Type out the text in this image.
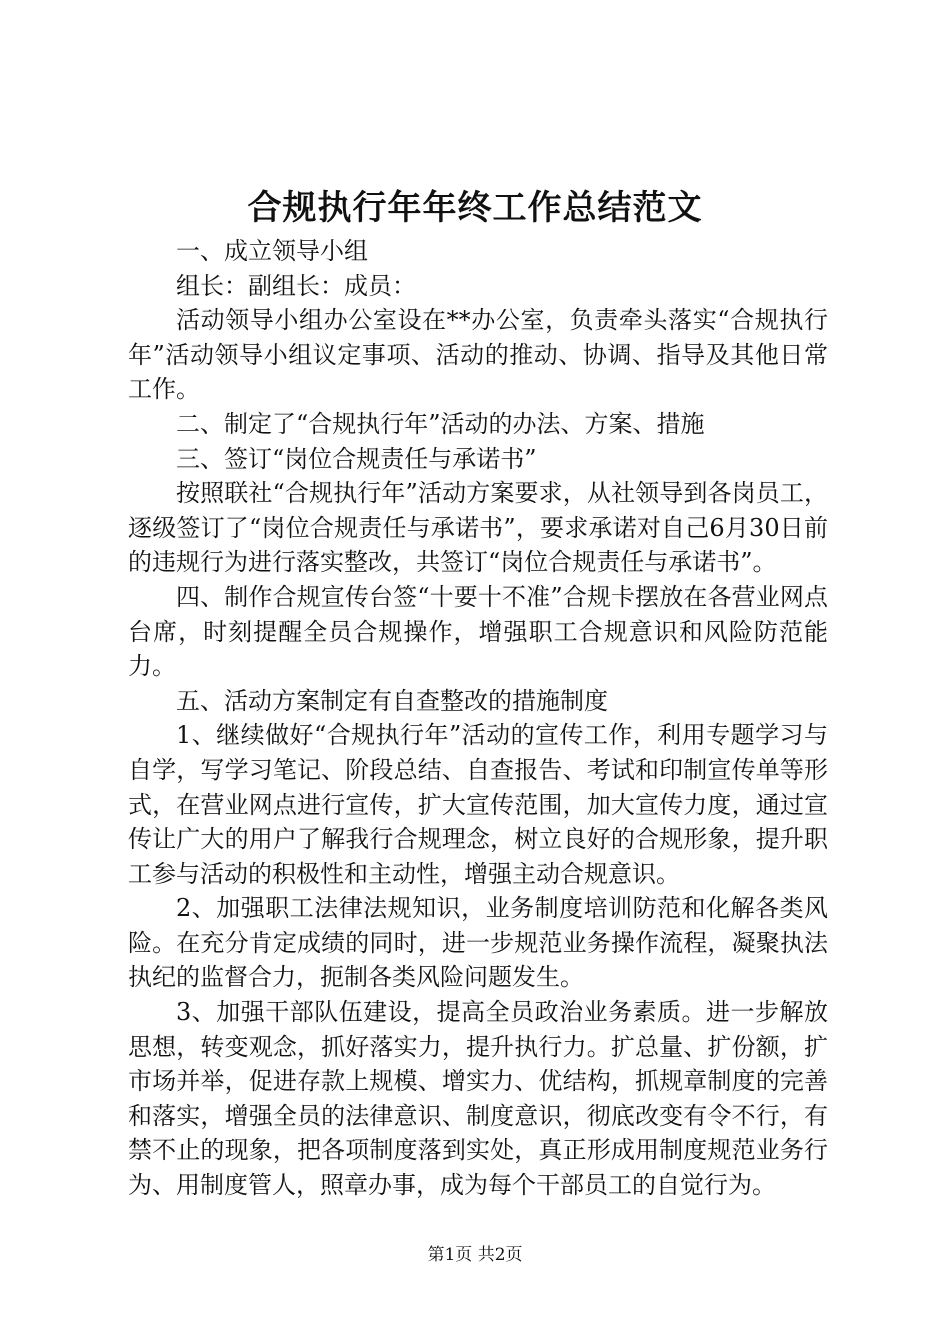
合规执行年年终工作总结范文

一、成立领导小组

组长：副组长：成员：

活动领导小组办公室设在**办公室，负责牵头落实“合规执行年”活动领导小组议定事项、活动的推动、协调、指导及其他日常工作。

二、制定了“合规执行年”活动的办法、方案、措施

三、签订“岗位合规责任与承诺书”

按照联社“合规执行年”活动方案要求，从社领导到各岗员工，逐级签订了“岗位合规责任与承诺书”，要求承诺对自己6月30日前的违规行为进行落实整改，共签订“岗位合规责任与承诺书”。

四、制作合规宣传台签“十要十不准”合规卡摆放在各营业网点台席，时刻提醒全员合规操作，增强职工合规意识和风险防范能力。

五、活动方案制定有自查整改的措施制度

1、继续做好“合规执行年”活动的宣传工作，利用专题学习与自学，写学习笔记、阶段总结、自查报告、考试和印制宣传单等形式，在营业网点进行宣传，扩大宣传范围，加大宣传力度，通过宣传让广大的用户了解我行合规理念，树立良好的合规形象，提升职工参与活动的积极性和主动性，增强主动合规意识。

2、加强职工法律法规知识，业务制度培训防范和化解各类风险。在充分肯定成绩的同时，进一步规范业务操作流程，凝聚执法执纪的监督合力，扼制各类风险问题发生。

3、加强干部队伍建设，提高全员政治业务素质。进一步解放思想，转变观念，抓好落实力，提升执行力。扩总量、扩份额，扩市场并举，促进存款上规模、增实力、优结构，抓规章制度的完善和落实，增强全员的法律意识、制度意识，彻底改变有令不行，有禁不止的现象，把各项制度落到实处，真正形成用制度规范业务行为、用制度管人，照章办事，成为每个干部员工的自觉行为。

第1页 共2页
